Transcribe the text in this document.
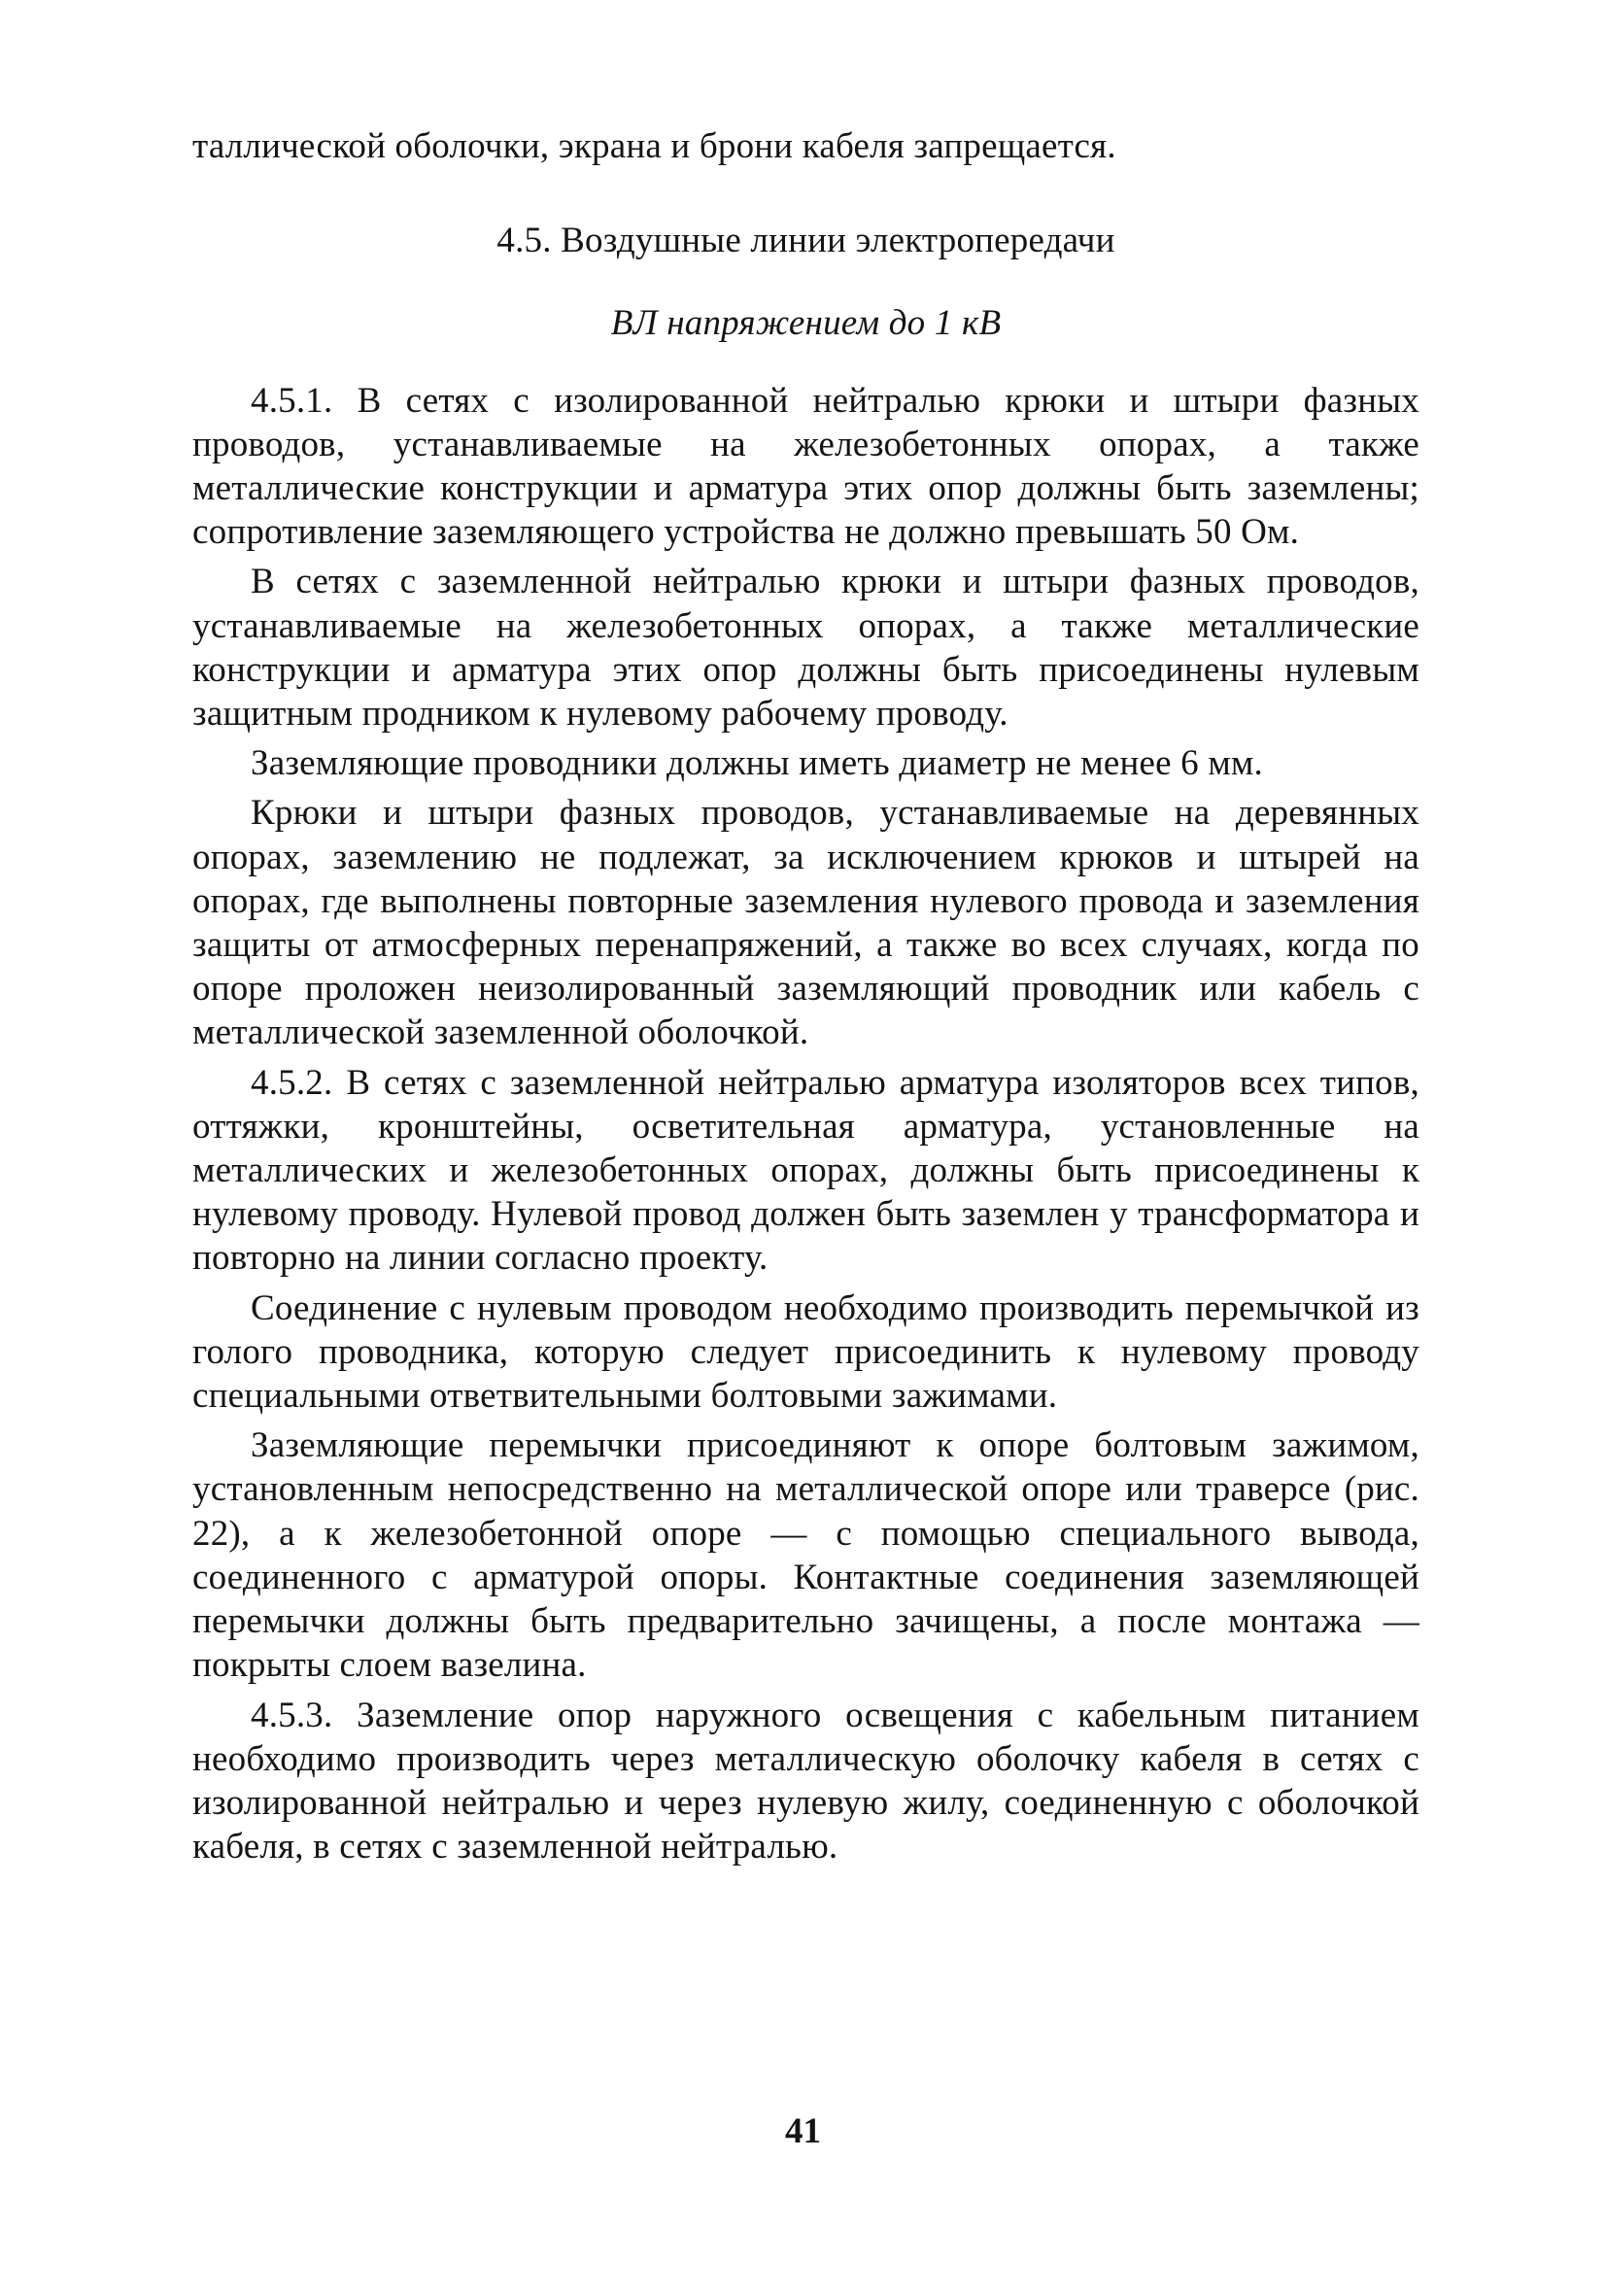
таллической оболочки, экрана и брони кабеля запрещается.

4.5. Воздушные линии электропередачи

ВЛ напряжением до 1 кВ

4.5.1. В сетях с изолированной нейтралью крюки и штыри фазных проводов, устанавливаемые на железобетонных опорах, а также металлические конструкции и арматура этих опор должны быть заземлены; сопротивление заземляющего устройства не должно превышать 50 Ом.

В сетях с заземленной нейтралью крюки и штыри фазных проводов, устанавливаемые на железобетонных опорах, а также металлические конструкции и арматура этих опор должны быть присоединены нулевым защитным продником к нулевому рабочему проводу.

Заземляющие проводники должны иметь диаметр не менее 6 мм.

Крюки и штыри фазных проводов, устанавливаемые на деревянных опорах, заземлению не подлежат, за исключением крюков и штырей на опорах, где выполнены повторные заземления нулевого провода и заземления защиты от атмосферных перенапряжений, а также во всех случаях, когда по опоре проложен неизолированный заземляющий проводник или кабель с металлической заземленной оболочкой.

4.5.2. В сетях с заземленной нейтралью арматура изоляторов всех типов, оттяжки, кронштейны, осветительная арматура, установленные на металлических и железобетонных опорах, должны быть присоединены к нулевому проводу. Нулевой провод должен быть заземлен у трансформатора и повторно на линии согласно проекту.

Соединение с нулевым проводом необходимо производить перемычкой из голого проводника, которую следует присоединить к нулевому проводу специальными ответвительными болтовыми зажимами.

Заземляющие перемычки присоединяют к опоре болтовым зажимом, установленным непосредственно на металлической опоре или траверсе (рис. 22), а к железобетонной опоре — с помощью специального вывода, соединенного с арматурой опоры. Контактные соединения заземляющей перемычки должны быть предварительно зачищены, а после монтажа — покрыты слоем вазелина.

4.5.3. Заземление опор наружного освещения с кабельным питанием необходимо производить через металлическую оболочку кабеля в сетях с изолированной нейтралью и через нулевую жилу, соединенную с оболочкой кабеля, в сетях с заземленной нейтралью.

41
